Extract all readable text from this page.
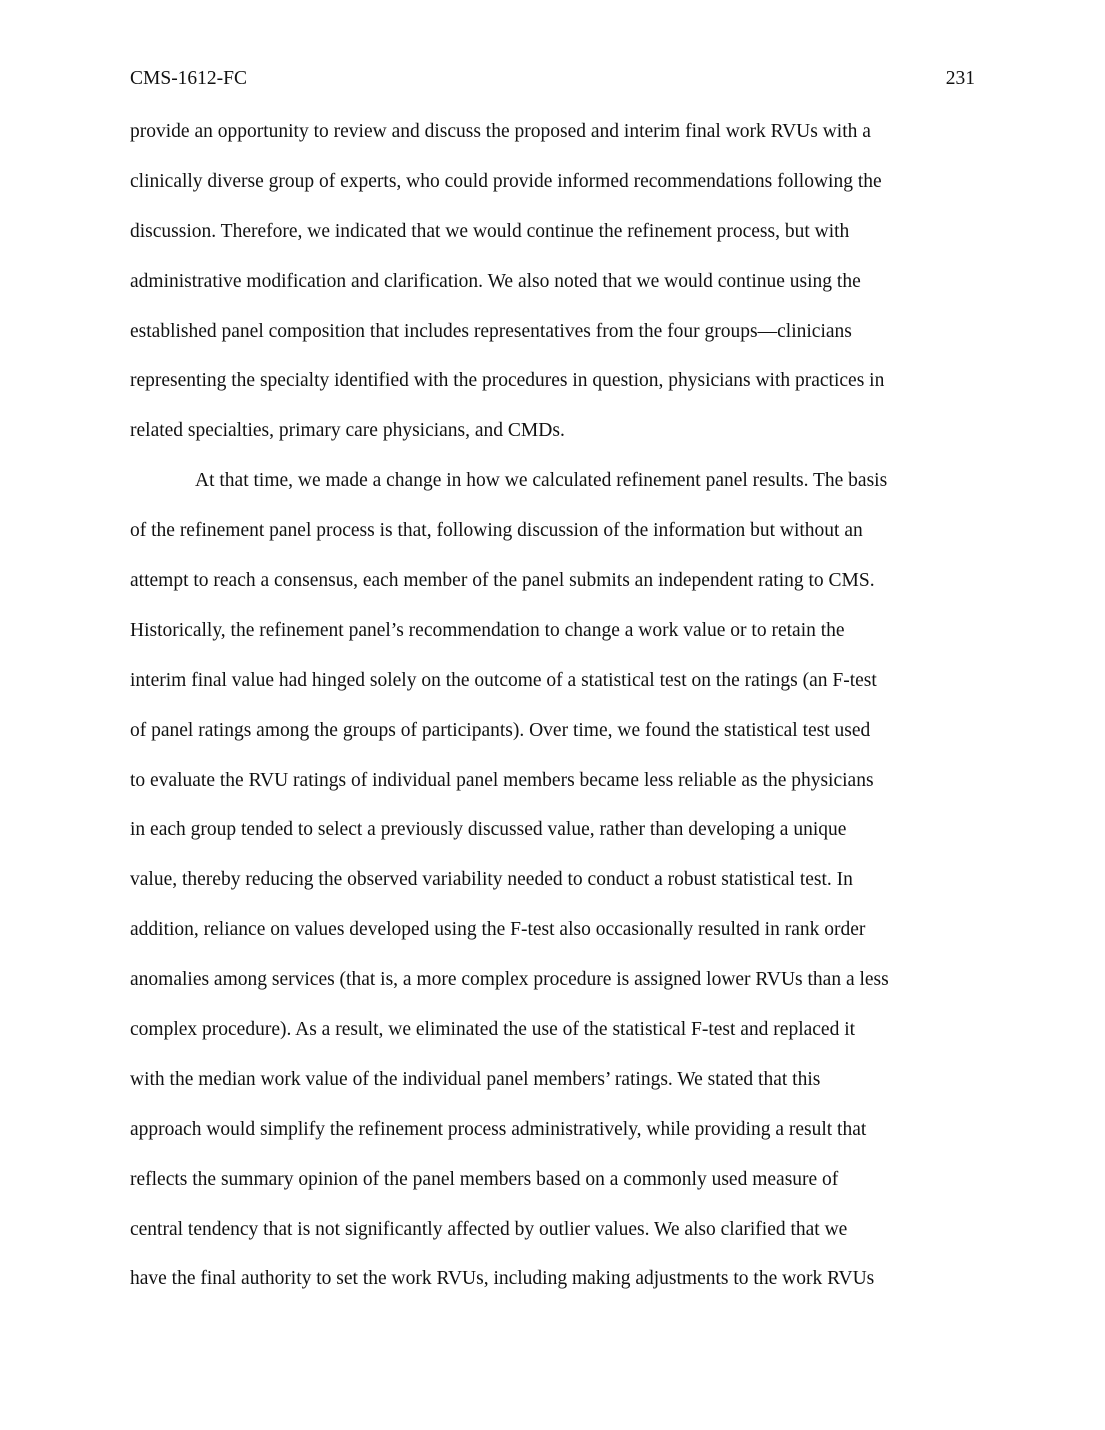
CMS-1612-FC	231
provide an opportunity to review and discuss the proposed and interim final work RVUs with a
clinically diverse group of experts, who could provide informed recommendations following the
discussion. Therefore, we indicated that we would continue the refinement process, but with
administrative modification and clarification. We also noted that we would continue using the
established panel composition that includes representatives from the four groups—clinicians
representing the specialty identified with the procedures in question, physicians with practices in
related specialties, primary care physicians, and CMDs.
At that time, we made a change in how we calculated refinement panel results. The basis
of the refinement panel process is that, following discussion of the information but without an
attempt to reach a consensus, each member of the panel submits an independent rating to CMS.
Historically, the refinement panel’s recommendation to change a work value or to retain the
interim final value had hinged solely on the outcome of a statistical test on the ratings (an F-test
of panel ratings among the groups of participants). Over time, we found the statistical test used
to evaluate the RVU ratings of individual panel members became less reliable as the physicians
in each group tended to select a previously discussed value, rather than developing a unique
value, thereby reducing the observed variability needed to conduct a robust statistical test. In
addition, reliance on values developed using the F-test also occasionally resulted in rank order
anomalies among services (that is, a more complex procedure is assigned lower RVUs than a less
complex procedure). As a result, we eliminated the use of the statistical F-test and replaced it
with the median work value of the individual panel members’ ratings. We stated that this
approach would simplify the refinement process administratively, while providing a result that
reflects the summary opinion of the panel members based on a commonly used measure of
central tendency that is not significantly affected by outlier values. We also clarified that we
have the final authority to set the work RVUs, including making adjustments to the work RVUs
